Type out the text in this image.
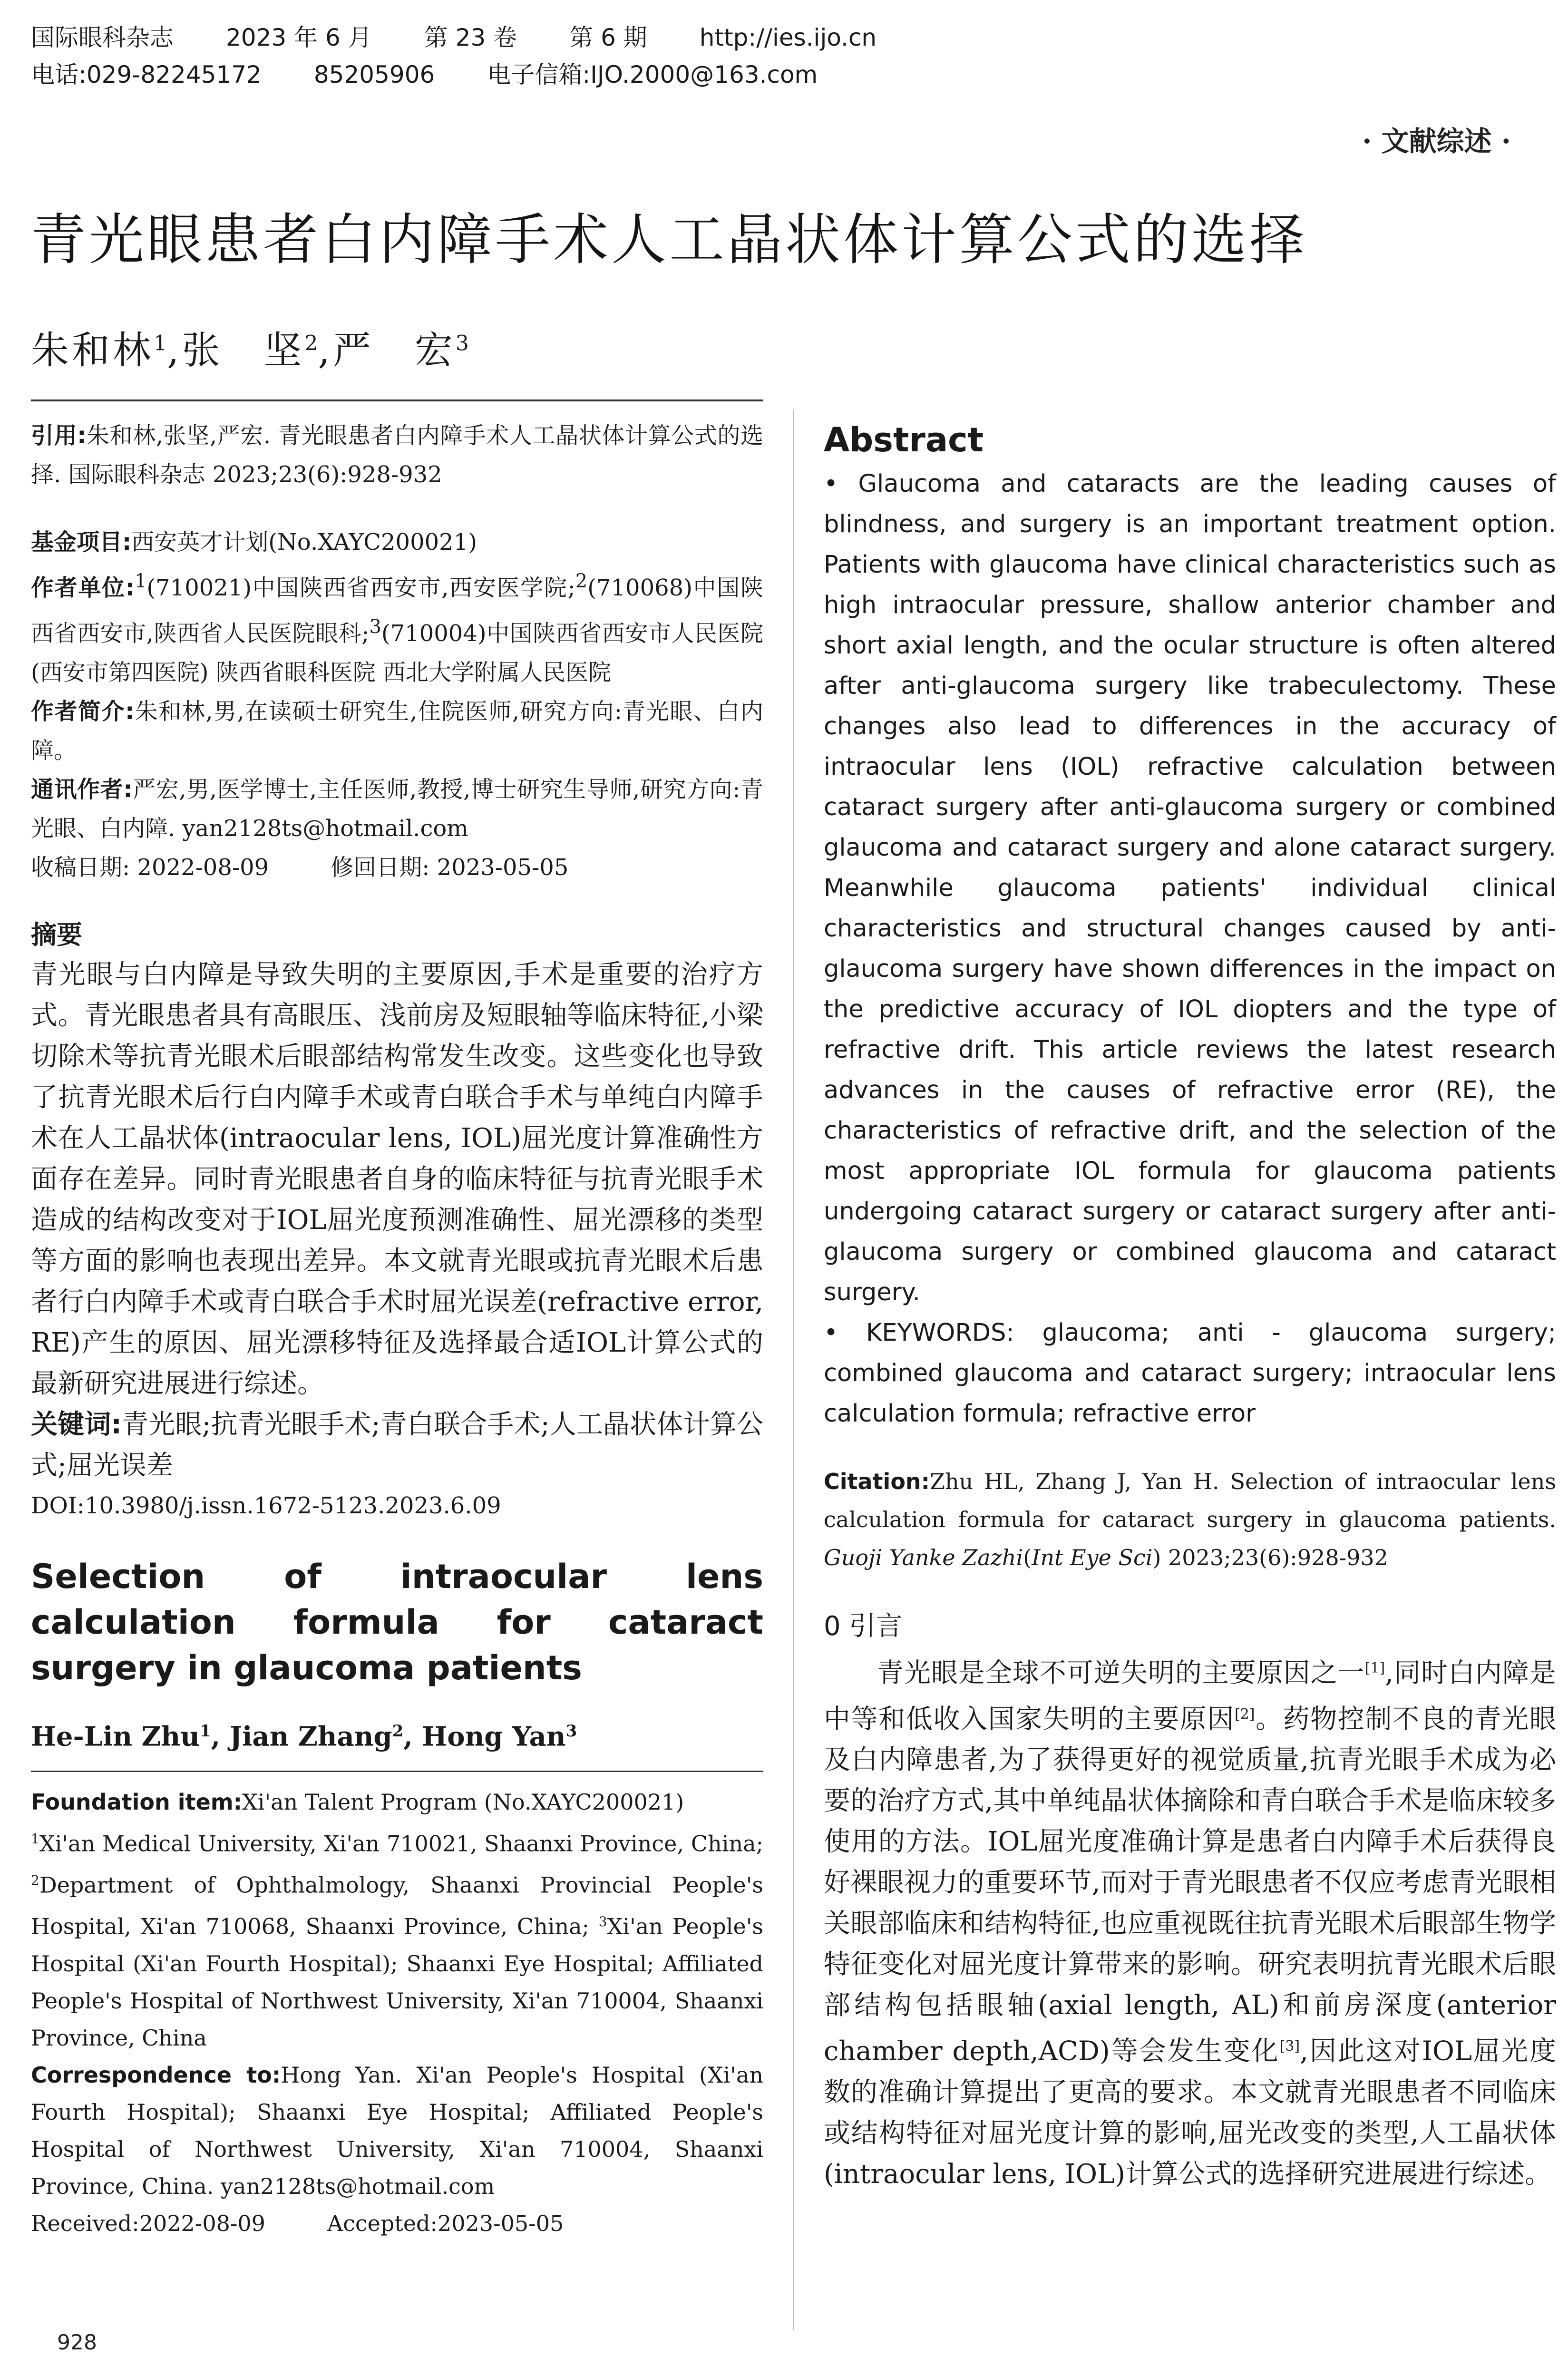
国际眼科杂志 2023 年 6 月 第 23 卷 第 6 期 http://ies.ijo.cn
电话:029-82245172 85205906 电子信箱:IJO.2000@163.com
· 文献综述 ·
青光眼患者白内障手术人工晶状体计算公式的选择
朱和林$^1$,张　坚$^2$,严　宏$^3$

引用:朱和林,张坚,严宏. 青光眼患者白内障手术人工晶状体计算公式的选择. 国际眼科杂志 2023;23(6):928-932

基金项目:西安英才计划(No.XAYC200021)

作者单位:$^1$(710021)中国陕西省西安市,西安医学院;$^2$(710068)中国陕西省西安市,陕西省人民医院眼科;$^3$(710004)中国陕西省西安市人民医院(西安市第四医院) 陕西省眼科医院 西北大学附属人民医院

作者简介:朱和林,男,在读硕士研究生,住院医师,研究方向:青光眼、白内障。

通讯作者:严宏,男,医学博士,主任医师,教授,博士研究生导师,研究方向:青光眼、白内障. yan2128ts@hotmail.com

收稿日期: 2022-08-09	修回日期: 2023-05-05

摘要

青光眼与白内障是导致失明的主要原因,手术是重要的治疗方式。青光眼患者具有高眼压、浅前房及短眼轴等临床特征,小梁切除术等抗青光眼术后眼部结构常发生改变。这些变化也导致了抗青光眼术后行白内障手术或青白联合手术与单纯白内障手术在人工晶状体(intraocular lens, IOL)屈光度计算准确性方面存在差异。同时青光眼患者自身的临床特征与抗青光眼手术造成的结构改变对于IOL屈光度预测准确性、屈光漂移的类型等方面的影响也表现出差异。本文就青光眼或抗青光眼术后患者行白内障手术或青白联合手术时屈光误差(refractive error, RE)产生的原因、屈光漂移特征及选择最合适IOL计算公式的最新研究进展进行综述。

关键词:青光眼;抗青光眼手术;青白联合手术;人工晶状体计算公式;屈光误差

DOI:10.3980/j.issn.1672-5123.2023.6.09

Selection of intraocular lens calculation formula for cataract surgery in glaucoma patients

He-Lin Zhu$^1$, Jian Zhang$^2$, Hong Yan$^3$

Foundation item:Xi'an Talent Program (No.XAYC200021)

$^1$Xi'an Medical University, Xi'an 710021, Shaanxi Province, China; $^2$Department of Ophthalmology, Shaanxi Provincial People's Hospital, Xi'an 710068, Shaanxi Province, China; $^3$Xi'an People's Hospital (Xi'an Fourth Hospital); Shaanxi Eye Hospital; Affiliated People's Hospital of Northwest University, Xi'an 710004, Shaanxi Province, China

Correspondence to:Hong Yan. Xi'an People's Hospital (Xi'an Fourth Hospital); Shaanxi Eye Hospital; Affiliated People's Hospital of Northwest University, Xi'an 710004, Shaanxi Province, China. yan2128ts@hotmail.com

Received:2022-08-09	Accepted:2023-05-05

Abstract

• Glaucoma and cataracts are the leading causes of blindness, and surgery is an important treatment option. Patients with glaucoma have clinical characteristics such as high intraocular pressure, shallow anterior chamber and short axial length, and the ocular structure is often altered after anti-glaucoma surgery like trabeculectomy. These changes also lead to differences in the accuracy of intraocular lens (IOL) refractive calculation between cataract surgery after anti-glaucoma surgery or combined glaucoma and cataract surgery and alone cataract surgery. Meanwhile glaucoma patients' individual clinical characteristics and structural changes caused by anti-glaucoma surgery have shown differences in the impact on the predictive accuracy of IOL diopters and the type of refractive drift. This article reviews the latest research advances in the causes of refractive error (RE), the characteristics of refractive drift, and the selection of the most appropriate IOL formula for glaucoma patients undergoing cataract surgery or cataract surgery after anti-glaucoma surgery or combined glaucoma and cataract surgery.

• KEYWORDS: glaucoma; anti - glaucoma surgery; combined glaucoma and cataract surgery; intraocular lens calculation formula; refractive error

Citation:Zhu HL, Zhang J, Yan H. Selection of intraocular lens calculation formula for cataract surgery in glaucoma patients. Guoji Yanke Zazhi(Int Eye Sci) 2023;23(6):928-932

0 引言

青光眼是全球不可逆失明的主要原因之一[1],同时白内障是中等和低收入国家失明的主要原因[2]。药物控制不良的青光眼及白内障患者,为了获得更好的视觉质量,抗青光眼手术成为必要的治疗方式,其中单纯晶状体摘除和青白联合手术是临床较多使用的方法。IOL屈光度准确计算是患者白内障手术后获得良好裸眼视力的重要环节,而对于青光眼患者不仅应考虑青光眼相关眼部临床和结构特征,也应重视既往抗青光眼术后眼部生物学特征变化对屈光度计算带来的影响。研究表明抗青光眼术后眼部结构包括眼轴(axial length, AL)和前房深度(anterior chamber depth,ACD)等会发生变化[3],因此这对IOL屈光度数的准确计算提出了更高的要求。本文就青光眼患者不同临床或结构特征对屈光度计算的影响,屈光改变的类型,人工晶状体(intraocular lens, IOL)计算公式的选择研究进展进行综述。

928
